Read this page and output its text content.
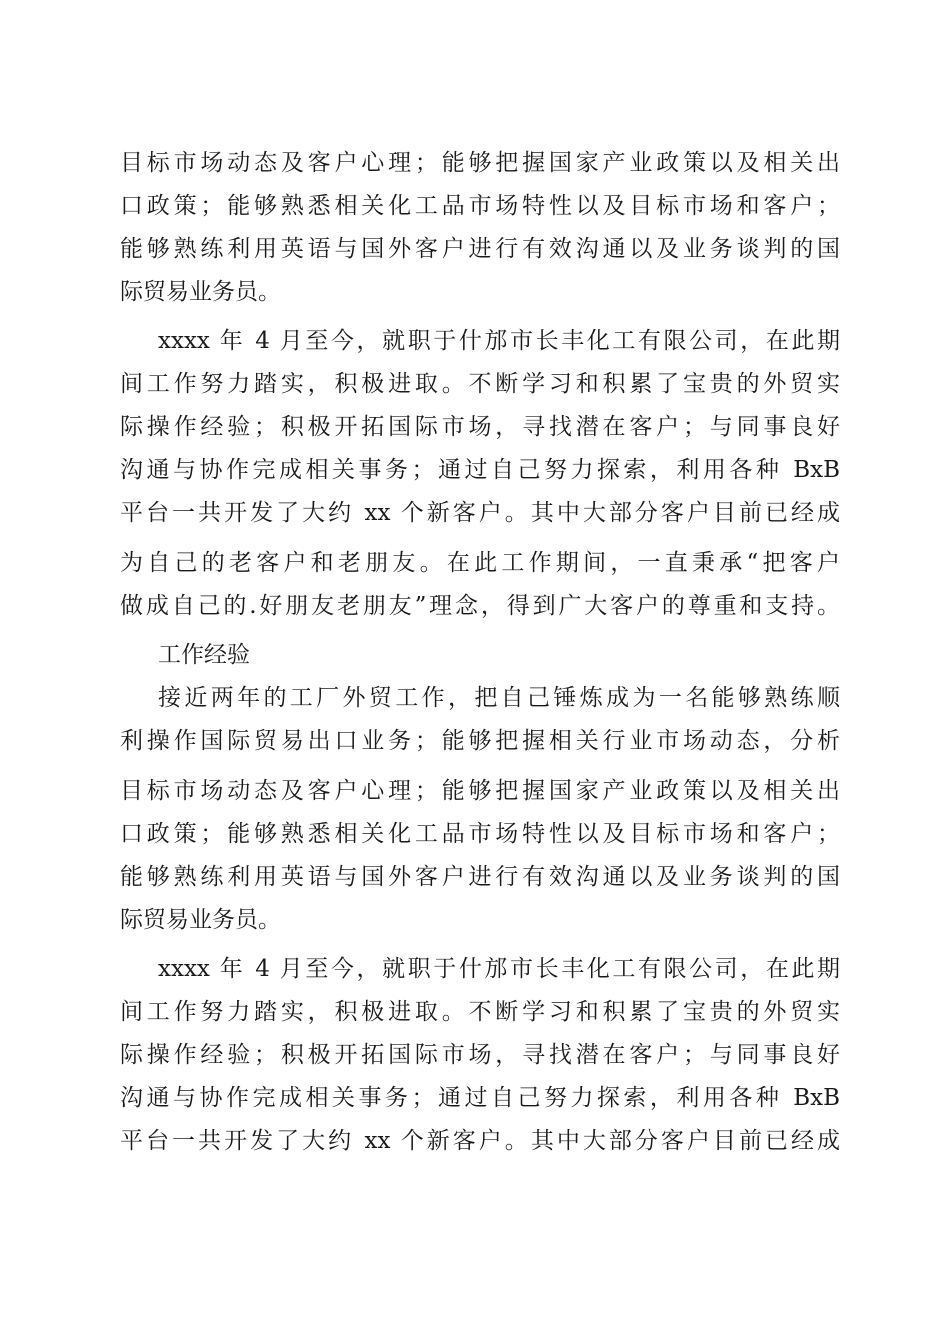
目标市场动态及客户心理；能够把握国家产业政策以及相关出
口政策；能够熟悉相关化工品市场特性以及目标市场和客户；
能够熟练利用英语与国外客户进行有效沟通以及业务谈判的国
际贸易业务员。
xxxx 年 4 月至今，就职于什邡市长丰化工有限公司，在此期
间工作努力踏实，积极进取。不断学习和积累了宝贵的外贸实
际操作经验；积极开拓国际市场，寻找潜在客户；与同事良好
沟通与协作完成相关事务；通过自己努力探索，利用各种 BxB
平台一共开发了大约 xx 个新客户。其中大部分客户目前已经成
为自己的老客户和老朋友。在此工作期间，一直秉承“把客户
做成自己的.好朋友老朋友”理念，得到广大客户的尊重和支持。
工作经验
接近两年的工厂外贸工作，把自己锤炼成为一名能够熟练顺
利操作国际贸易出口业务；能够把握相关行业市场动态，分析
目标市场动态及客户心理；能够把握国家产业政策以及相关出
口政策；能够熟悉相关化工品市场特性以及目标市场和客户；
能够熟练利用英语与国外客户进行有效沟通以及业务谈判的国
际贸易业务员。
xxxx 年 4 月至今，就职于什邡市长丰化工有限公司，在此期
间工作努力踏实，积极进取。不断学习和积累了宝贵的外贸实
际操作经验；积极开拓国际市场，寻找潜在客户；与同事良好
沟通与协作完成相关事务；通过自己努力探索，利用各种 BxB
平台一共开发了大约 xx 个新客户。其中大部分客户目前已经成
